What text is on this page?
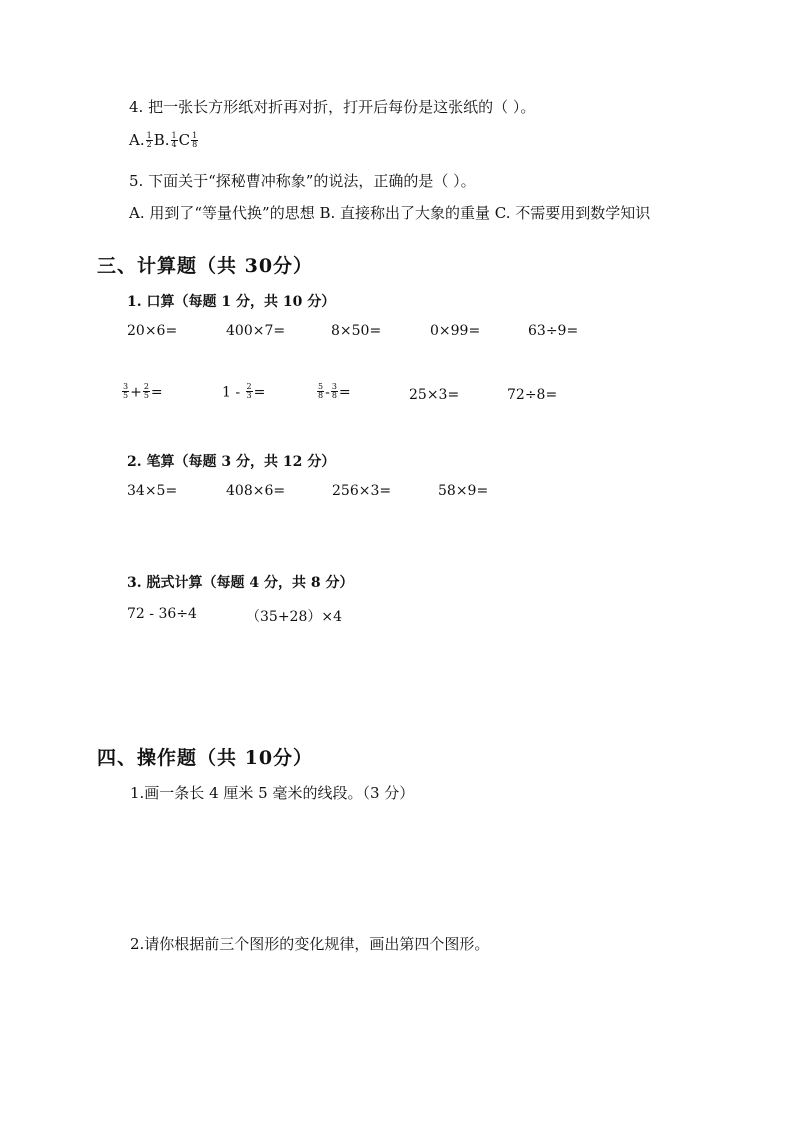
4. 把一张长方形纸对折再对折，打开后每份是这张纸的（ ）。
A. $\frac{1}{2} B$. $\frac{1}{4}$ C $\frac{1}{8}$
5. 下面关于“探秘曹冲称象”的说法，正确的是（ ）。
A. 用到了“等量代换”的思想 B. 直接称出了大象的重量 C. 不需要用到数学知识
三、计算题（共 30分）
1. 口算（每题 1 分，共 10 分）
20×6=	400×7=	8×50=	0×99=	63÷9=
$\frac{3}{5} + \frac{2}{5}$ =	$1 - \frac{2}{3}$ =	$\frac{5}{8} - \frac{3}{8}$ =	25×3=	72÷8=
2. 笔算（每题 3 分，共 12 分）
34×5=	408×6=	256×3=	58×9=
3. 脱式计算（每题 4 分，共 8 分）
72 - 36÷4	（35+28）×4
四、操作题（共 10分）
1.画一条长 4 厘米 5 毫米的线段。（3 分）
2.请你根据前三个图形的变化规律，画出第四个图形。
